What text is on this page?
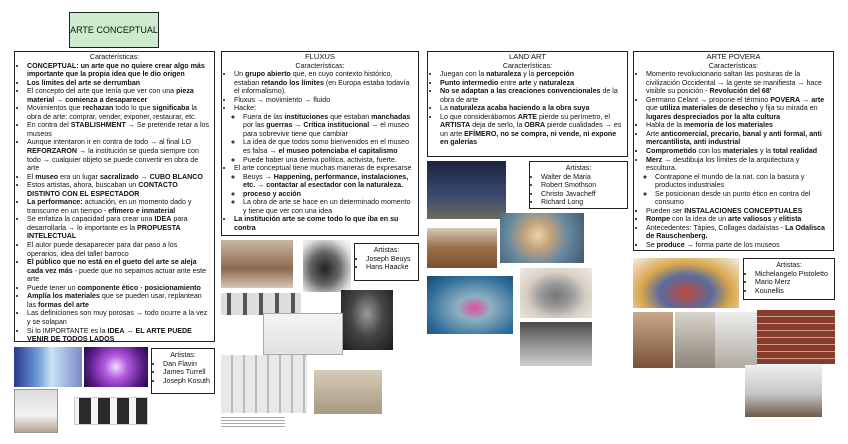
ARTE CONCEPTUAL
Características:
• CONCEPTUAL: un arte que no quiere crear algo más importante que la propia idea que le dio origen
• Los límites del arte se derrumban
• El concepto del arte que tenía que ver con una pieza material → comienza a desaparecer
• Movimientos que rechazan todo lo que significaba la obra de arte: comprar, vender, exponer, restaurar, etc.
• En contra del STABLISHMENT → Se pretende retar a los museos
• Aunque intentaron ir en contra de todo → al final LO REFORZARON → la institución se queda siempre con todo → cualquier objeto se puede convertir en obra de arte
• El museo era un lugar sacralizado → CUBO BLANCO
• Estos artistas, ahora, buscaban un CONTACTO DISTINTO CON EL ESPECTADOR
• La performance: actuación, en un momento dado y transcurre en un tiempo - efímero e inmaterial
• Se enfatiza la capacidad para crear una IDEA para desarrollarla → lo importante es la PROPUESTA INTELECTUAL
• El autor puede desaparecer para dar paso a los operarios, idea del taller barroco
• El público que no está en el gueto del arte se aleja cada vez más - puede que no sepamos actuar ante este arte
• Puede tener un componente ético - posicionamiento
• Amplía los materiales que se pueden usar, replantean las formas del arte
• Las definiciones son muy porosas → todo ocurre a la vez y se solapan
• Si lo IMPORTANTE es la IDEA → EL ARTE PUEDE VENIR DE TODOS LADOS
FLUXUS
Características:
• Un grupo abierto que, en cuyo contexto histórico, estaban retando los límites (en Europa estaba todavía el informalismo).
• Fluxus → movimiento → fluido
• Hacke:
◦ Fuera de las instituciones que estaban manchadas por las guerras → Crítica institucional → el museo para sobrevivir tiene que cambiar
◦ La idea de que todos somo bienvenidos en el museo es falsa → el museo potenciaba el capitalismo
◦ Puede haber una deriva política, activista, fuerte.
• El arte conceptual tiene muchas maneras de expresarse
◦ Beuys → Happening, performance, instalaciones, etc. → contactar al esectador con la naturaleza.
◦ proceso y acción
◦ La obra de arte se hace en un determinado momento y tiene que ver con una idea
• La institución arte se come todo lo que iba en su contra
LAND ART
Características:
• Juegan con la naturaleza y la percepción
• Punto intermedio entre arte y naturaleza
• No se adaptan a las creaciones convencionales de la obra de arte
• La naturaleza acaba haciendo a la obra suya
• Lo que considerábamos ARTE pierde su perímetro, el ARTISTA deja de serlo, la OBRA pierde cualidades → es un arte EFÍMERO, no se compra, ni vende, ni expone en galerías
ARTE POVERA
Características:
• Momento revolucionario saltan las posturas de la civilización Occidental → la gente se manifiesta → hace visible su posición - Revolución del 68'
• Germano Celant → propone el término POVERA → arte que utiliza materiales de desecho y fija su mirada en lugares despreciados por la alta cultura
• Habla de la memoria de los materiales
• Arte anticomercial, precario, banal y anti formal, anti mercantilista, anti industrial
• Comprometido con los materiales y la total realidad
• Merz → desdibuja los límites de la arquitectura y escultura.
◦ Contrapone el mundo de la nat. con la basura y productos industriales
◦ Se posicionan desde un punto ético en contra del consumo
• Pueden ser INSTALACIONES CONCEPTUALES
• Rompe con la idea de un arte valiosos y elitista
• Antecedentes: Tàpies, Collages dadaístas - La Odalisca de Rauschenberg.
• Se produce → forma parte de los museos
Artistas:
• Dan Flavin
• James Turrell
• Joseph Kosuth
Artistas:
• Joseph Beuys
• Hans Haacke
Artistas:
• Walter de Maria
• Robert Smothson
• Christo Javacheff
• Richard Long
Artistas:
• Michelangelo Pistoletto
• Mario Merz
• Kounellis
